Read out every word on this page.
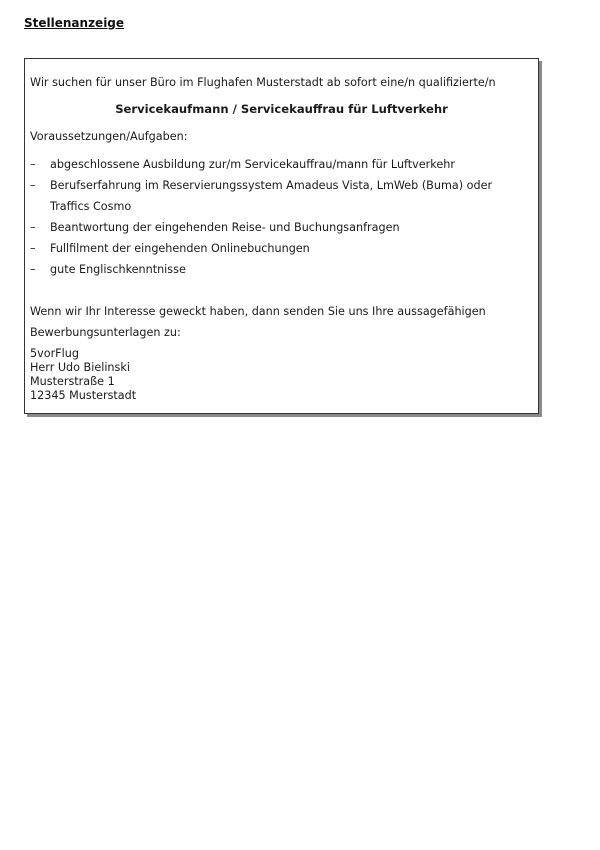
Stellenanzeige

Wir suchen für unser Büro im Flughafen Musterstadt ab sofort eine/n qualifizierte/n

Servicekaufmann / Servicekauffrau für Luftverkehr

Voraussetzungen/Aufgaben:

– abgeschlossene Ausbildung zur/m Servicekauffrau/mann für Luftverkehr
– Berufserfahrung im Reservierungssystem Amadeus Vista, LmWeb (Buma) oder Traffics Cosmo
– Beantwortung der eingehenden Reise- und Buchungsanfragen
– Fullfilment der eingehenden Onlinebuchungen
– gute Englischkenntnisse

Wenn wir Ihr Interesse geweckt haben, dann senden Sie uns Ihre aussagefähigen Bewerbungsunterlagen zu:

5vorFlug
Herr Udo Bielinski
Musterstraße 1
12345 Musterstadt
